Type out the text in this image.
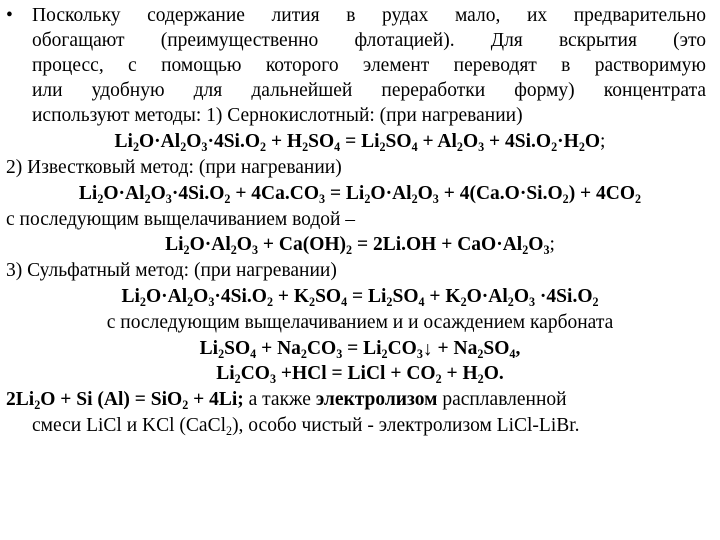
• Поскольку содержание лития в рудах мало, их предварительно
обогащают (преимущественно флотацией). Для вскрытия (это
процесс, с помощью которого элемент переводят в растворимую
или удобную для дальнейшей переработки форму) концентрата
используют методы: 1) Сернокислотный: (при нагревании)
$Li_2O\cdot Al_2O_3\cdot 4Si.O_2 + H_2SO_4 = Li_2SO_4 + Al_2O_3 + 4Si.O_2\cdot H_2O$;
2) Известковый метод: (при нагревании)
$Li_2O\cdot Al_2O_3\cdot 4Si.O_2 + 4Ca.CO_3 = Li_2O\cdot Al_2O_3 + 4(Ca.O\cdot Si.O_2) + 4CO_2$
с последующим выщелачиванием водой –
$Li_2O\cdot Al_2O_3 + Ca(OH)_2 = 2Li.OH + CaO\cdot Al_2O_3$;
3) Сульфатный метод: (при нагревании)
$Li_2O\cdot Al_2O_3\cdot 4Si.O_2 + K_2SO_4 = Li_2SO_4 + K_2O\cdot Al_2O_3 \cdot 4Si.O_2$
с последующим выщелачиванием и и осаждением карбоната
$Li_2SO_4 + Na_2CO_3$ = $Li_2CO_3↓ + Na_2SO_4$,
$Li_2CO_3 +HCl$ = LiCl + $CO_2 + H_2O$.
$2Li_2O + Si$ (Al) = SiO$_2$ + 4Li; а также электролизом расплавленной
смеси LiCl и KCl (CaCl$_2$), особо чистый - электролизом LiCl-LiBr.
